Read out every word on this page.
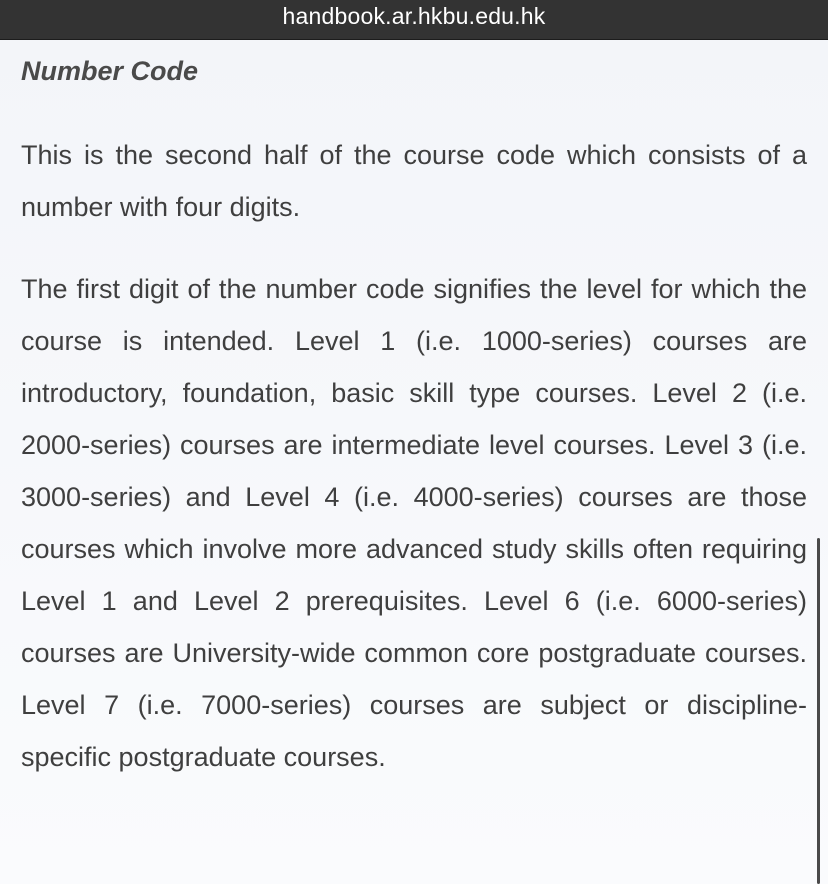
handbook.ar.hkbu.edu.hk
Number Code

This is the second half of the course code which consists of a number with four digits.

The first digit of the number code signifies the level for which the course is intended. Level 1 (i.e. 1000-series) courses are introductory, foundation, basic skill type courses. Level 2 (i.e. 2000-series) courses are intermediate level courses. Level 3 (i.e. 3000-series) and Level 4 (i.e. 4000-series) courses are those courses which involve more advanced study skills often requiring Level 1 and Level 2 prerequisites. Level 6 (i.e. 6000-series) courses are University-wide common core postgraduate courses. Level 7 (i.e. 7000-series) courses are subject or discipline-specific postgraduate courses.
